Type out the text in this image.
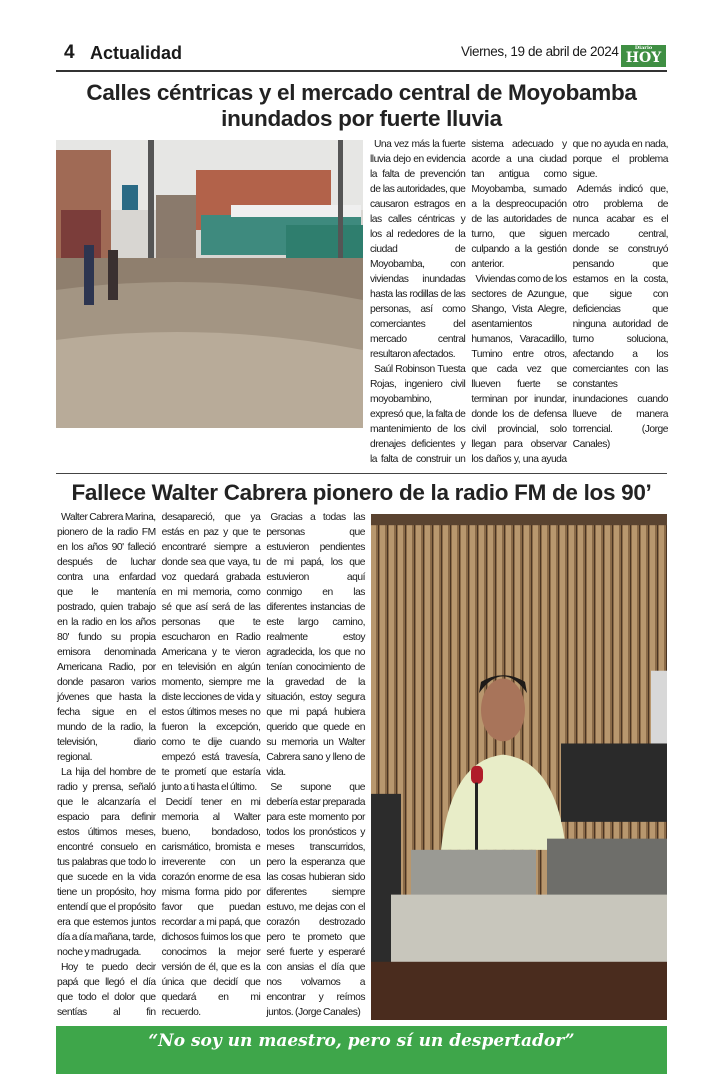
4 Actualidad	Viernes, 19 de abril de 2024	Diario
HOY
Calles céntricas y el mercado central de Moyobamba inundados por fuerte lluvia

Una vez más la fuerte lluvia dejo en evidencia la falta de prevención de las autoridades, que causaron estragos en las calles céntricas y los al rededores de la ciudad de Moyobamba, con viviendas inundadas hasta las rodillas de las personas, así como comerciantes del mercado central resultaron afectados.

Saúl Robinson Tuesta Rojas, ingeniero civil moyobambino, expresó que, la falta de mantenimiento de los drenajes deficientes y la falta de construir un sistema adecuado y acorde a una ciudad tan antigua como Moyobamba, sumado a la despreocupación de las autoridades de turno, que siguen culpando a la gestión anterior.

Viviendas como de los sectores de Azungue, Shango, Vista Alegre, asentamientos humanos, Varacadillo, Tumino entre otros, que cada vez que llueven fuerte se terminan por inundar, donde los de defensa civil provincial, solo llegan para observar los daños y, una ayuda que no ayuda en nada, porque el problema sigue.

Además indicó que, otro problema de nunca acabar es el mercado central, donde se construyó pensando que estamos en la costa, que sigue con deficiencias que ninguna autoridad de turno soluciona, afectando a los comerciantes con las constantes inundaciones cuando llueve de manera torrencial. (Jorge Canales)

Fallece Walter Cabrera pionero de la radio FM de los 90’

Walter Cabrera Marina, pionero de la radio FM en los años 90' falleció después de luchar contra una enfardad que le mantenía postrado, quien trabajo en la radio en los años 80' fundo su propia emisora denominada Americana Radio, por donde pasaron varios jóvenes que hasta la fecha sigue en el mundo de la radio, la televisión, diario regional.

La hija del hombre de radio y prensa, señaló que le alcanzaría el espacio para definir estos últimos meses, encontré consuelo en tus palabras que todo lo que sucede en la vida tiene un propósito, hoy entendí que el propósito era que estemos juntos día a día mañana, tarde, noche y madrugada.

Hoy te puedo decir papá que llegó el día que todo el dolor que sentías al fin desapareció, que ya estás en paz y que te encontraré siempre a donde sea que vaya, tu voz quedará grabada en mi memoria, como sé que así será de las personas que te escucharon en Radio Americana y te vieron en televisión en algún momento, siempre me diste lecciones de vida y estos últimos meses no fueron la excepción, como te dije cuando empezó está travesía, te prometí que estaría junto a ti hasta el último.

Decidí tener en mi memoria al Walter bueno, bondadoso, carismático, bromista e irreverente con un corazón enorme de esa misma forma pido por favor que puedan recordar a mi papá, que dichosos fuimos los que conocimos la mejor versión de él, que es la única que decidí que quedará en mi recuerdo.

Gracias a todas las personas que estuvieron pendientes de mi papá, los que estuvieron aquí conmigo en las diferentes instancias de este largo camino, realmente estoy agradecida, los que no tenían conocimiento de la gravedad de la situación, estoy segura que mi papá hubiera querido que quede en su memoria un Walter Cabrera sano y lleno de vida.

Se supone que debería estar preparada para este momento por todos los pronósticos y meses transcurridos, pero la esperanza que las cosas hubieran sido diferentes siempre estuvo, me dejas con el corazón destrozado pero te prometo que seré fuerte y esperaré con ansias el día que nos volvamos a encontrar y reímos juntos. (Jorge Canales)

“No soy un maestro, pero sí un despertador”
